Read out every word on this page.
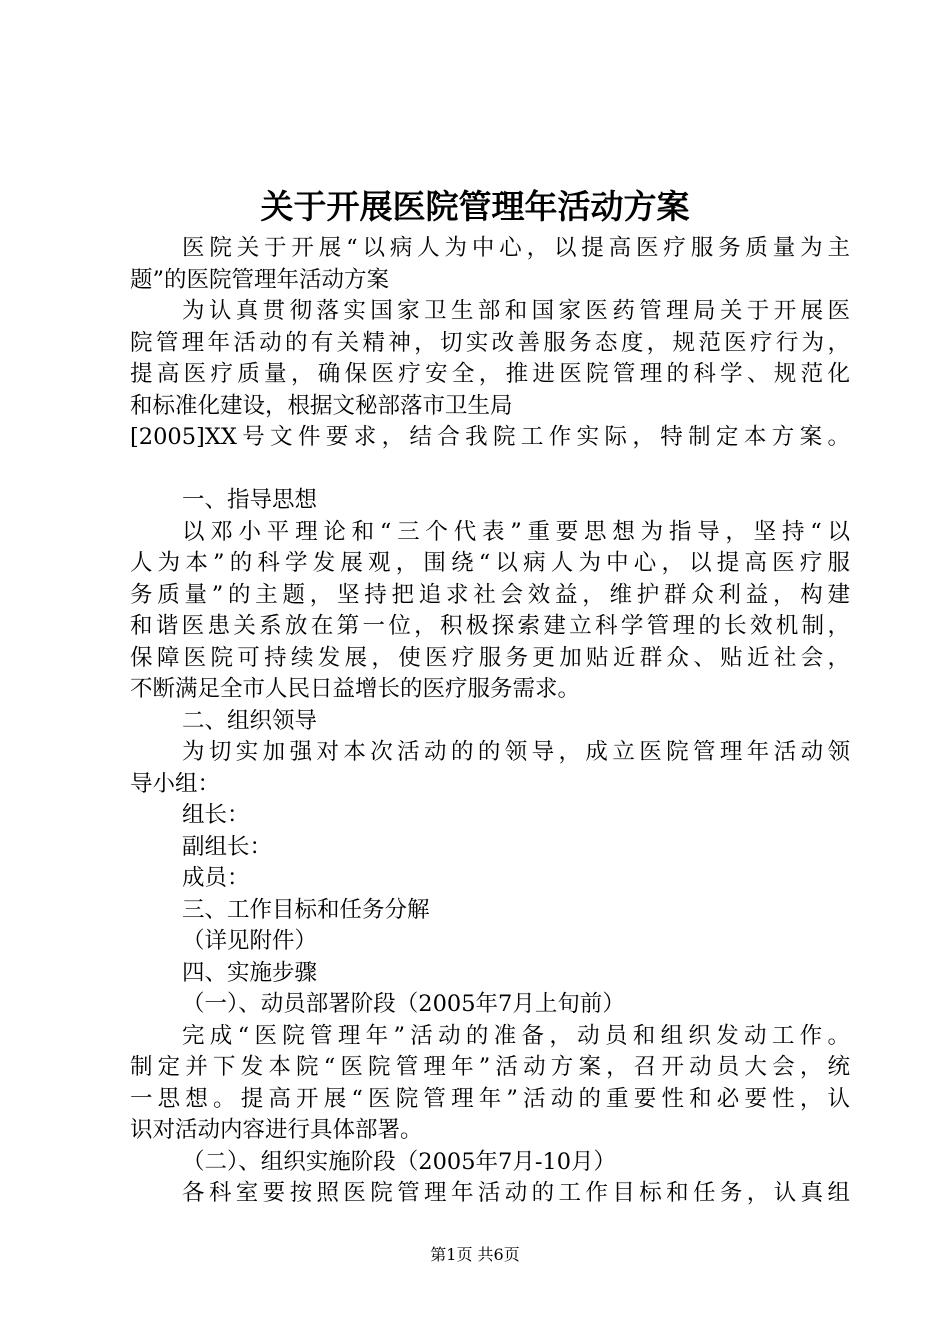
关于开展医院管理年活动方案
医院关于开展“以病人为中心，以提高医疗服务质量为主
题”的医院管理年活动方案
为认真贯彻落实国家卫生部和国家医药管理局关于开展医
院管理年活动的有关精神，切实改善服务态度，规范医疗行为，
提高医疗质量，确保医疗安全，推进医院管理的科学、规范化
和标准化建设，根据文秘部落市卫生局
[2005]XX号文件要求，结合我院工作实际，特制定本方案。
一、指导思想
以邓小平理论和“三个代表”重要思想为指导，坚持“以
人为本”的科学发展观，围绕“以病人为中心，以提高医疗服
务质量”的主题，坚持把追求社会效益，维护群众利益，构建
和谐医患关系放在第一位，积极探索建立科学管理的长效机制，
保障医院可持续发展，使医疗服务更加贴近群众、贴近社会，
不断满足全市人民日益增长的医疗服务需求。
二、组织领导
为切实加强对本次活动的的领导，成立医院管理年活动领
导小组：
组长：
副组长：
成员：
三、工作目标和任务分解
（详见附件）
四、实施步骤
（一）、动员部署阶段（2005年7月上旬前）
完成“医院管理年”活动的准备，动员和组织发动工作。
制定并下发本院“医院管理年”活动方案，召开动员大会，统
一思想。提高开展“医院管理年”活动的重要性和必要性，认
识对活动内容进行具体部署。
（二）、组织实施阶段（2005年7月-10月）
各科室要按照医院管理年活动的工作目标和任务，认真组
第1页 共6页
